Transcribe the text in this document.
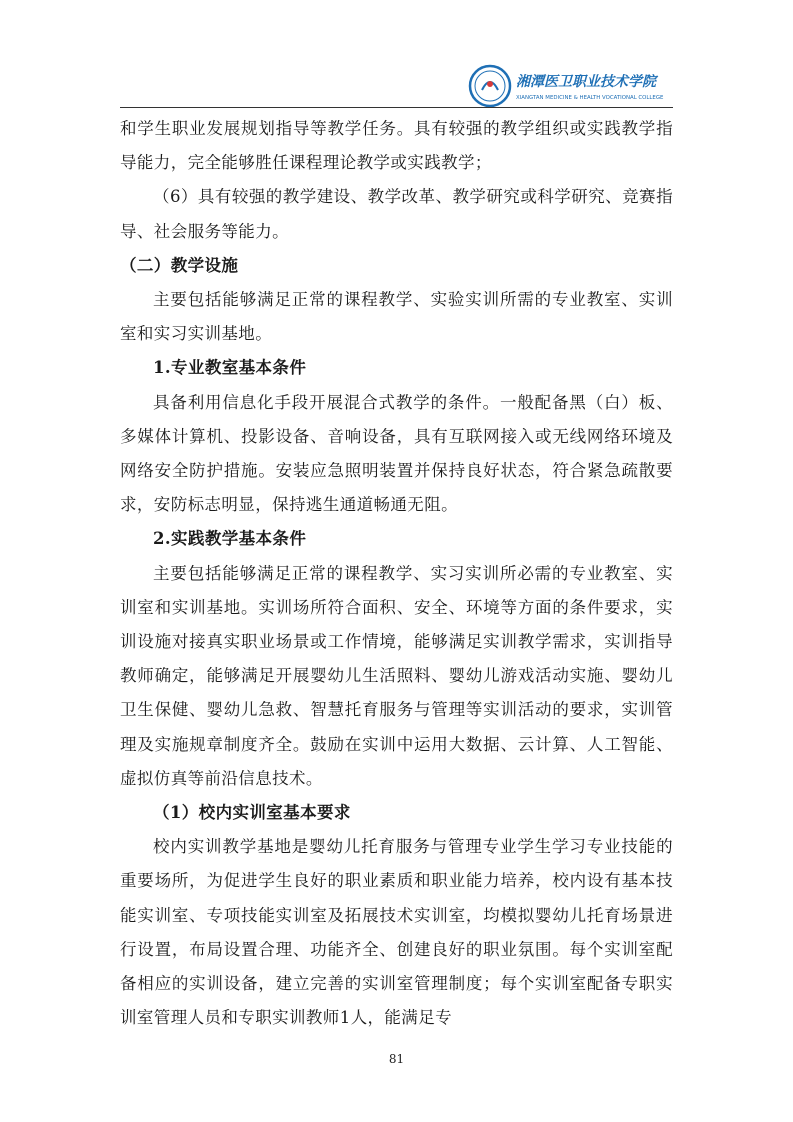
湘潭医卫职业技术学院
XIANGTAN MEDICINE & HEALTH VOCATIONAL COLLEGE

和学生职业发展规划指导等教学任务。具有较强的教学组织或实践教学指导能力，完全能够胜任课程理论教学或实践教学；

（6）具有较强的教学建设、教学改革、教学研究或科学研究、竞赛指导、社会服务等能力。

（二）教学设施

主要包括能够满足正常的课程教学、实验实训所需的专业教室、实训室和实习实训基地。

1.专业教室基本条件

具备利用信息化手段开展混合式教学的条件。一般配备黑（白）板、多媒体计算机、投影设备、音响设备，具有互联网接入或无线网络环境及网络安全防护措施。安装应急照明装置并保持良好状态，符合紧急疏散要求，安防标志明显，保持逃生通道畅通无阻。

2.实践教学基本条件

主要包括能够满足正常的课程教学、实习实训所必需的专业教室、实训室和实训基地。实训场所符合面积、安全、环境等方面的条件要求，实训设施对接真实职业场景或工作情境，能够满足实训教学需求，实训指导教师确定，能够满足开展婴幼儿生活照料、婴幼儿游戏活动实施、婴幼儿卫生保健、婴幼儿急救、智慧托育服务与管理等实训活动的要求，实训管理及实施规章制度齐全。鼓励在实训中运用大数据、云计算、人工智能、虚拟仿真等前沿信息技术。

（1）校内实训室基本要求

校内实训教学基地是婴幼儿托育服务与管理专业学生学习专业技能的重要场所，为促进学生良好的职业素质和职业能力培养，校内设有基本技能实训室、专项技能实训室及拓展技术实训室，均模拟婴幼儿托育场景进行设置，布局设置合理、功能齐全、创建良好的职业氛围。每个实训室配备相应的实训设备，建立完善的实训室管理制度；每个实训室配备专职实训室管理人员和专职实训教师1人，能满足专

81
